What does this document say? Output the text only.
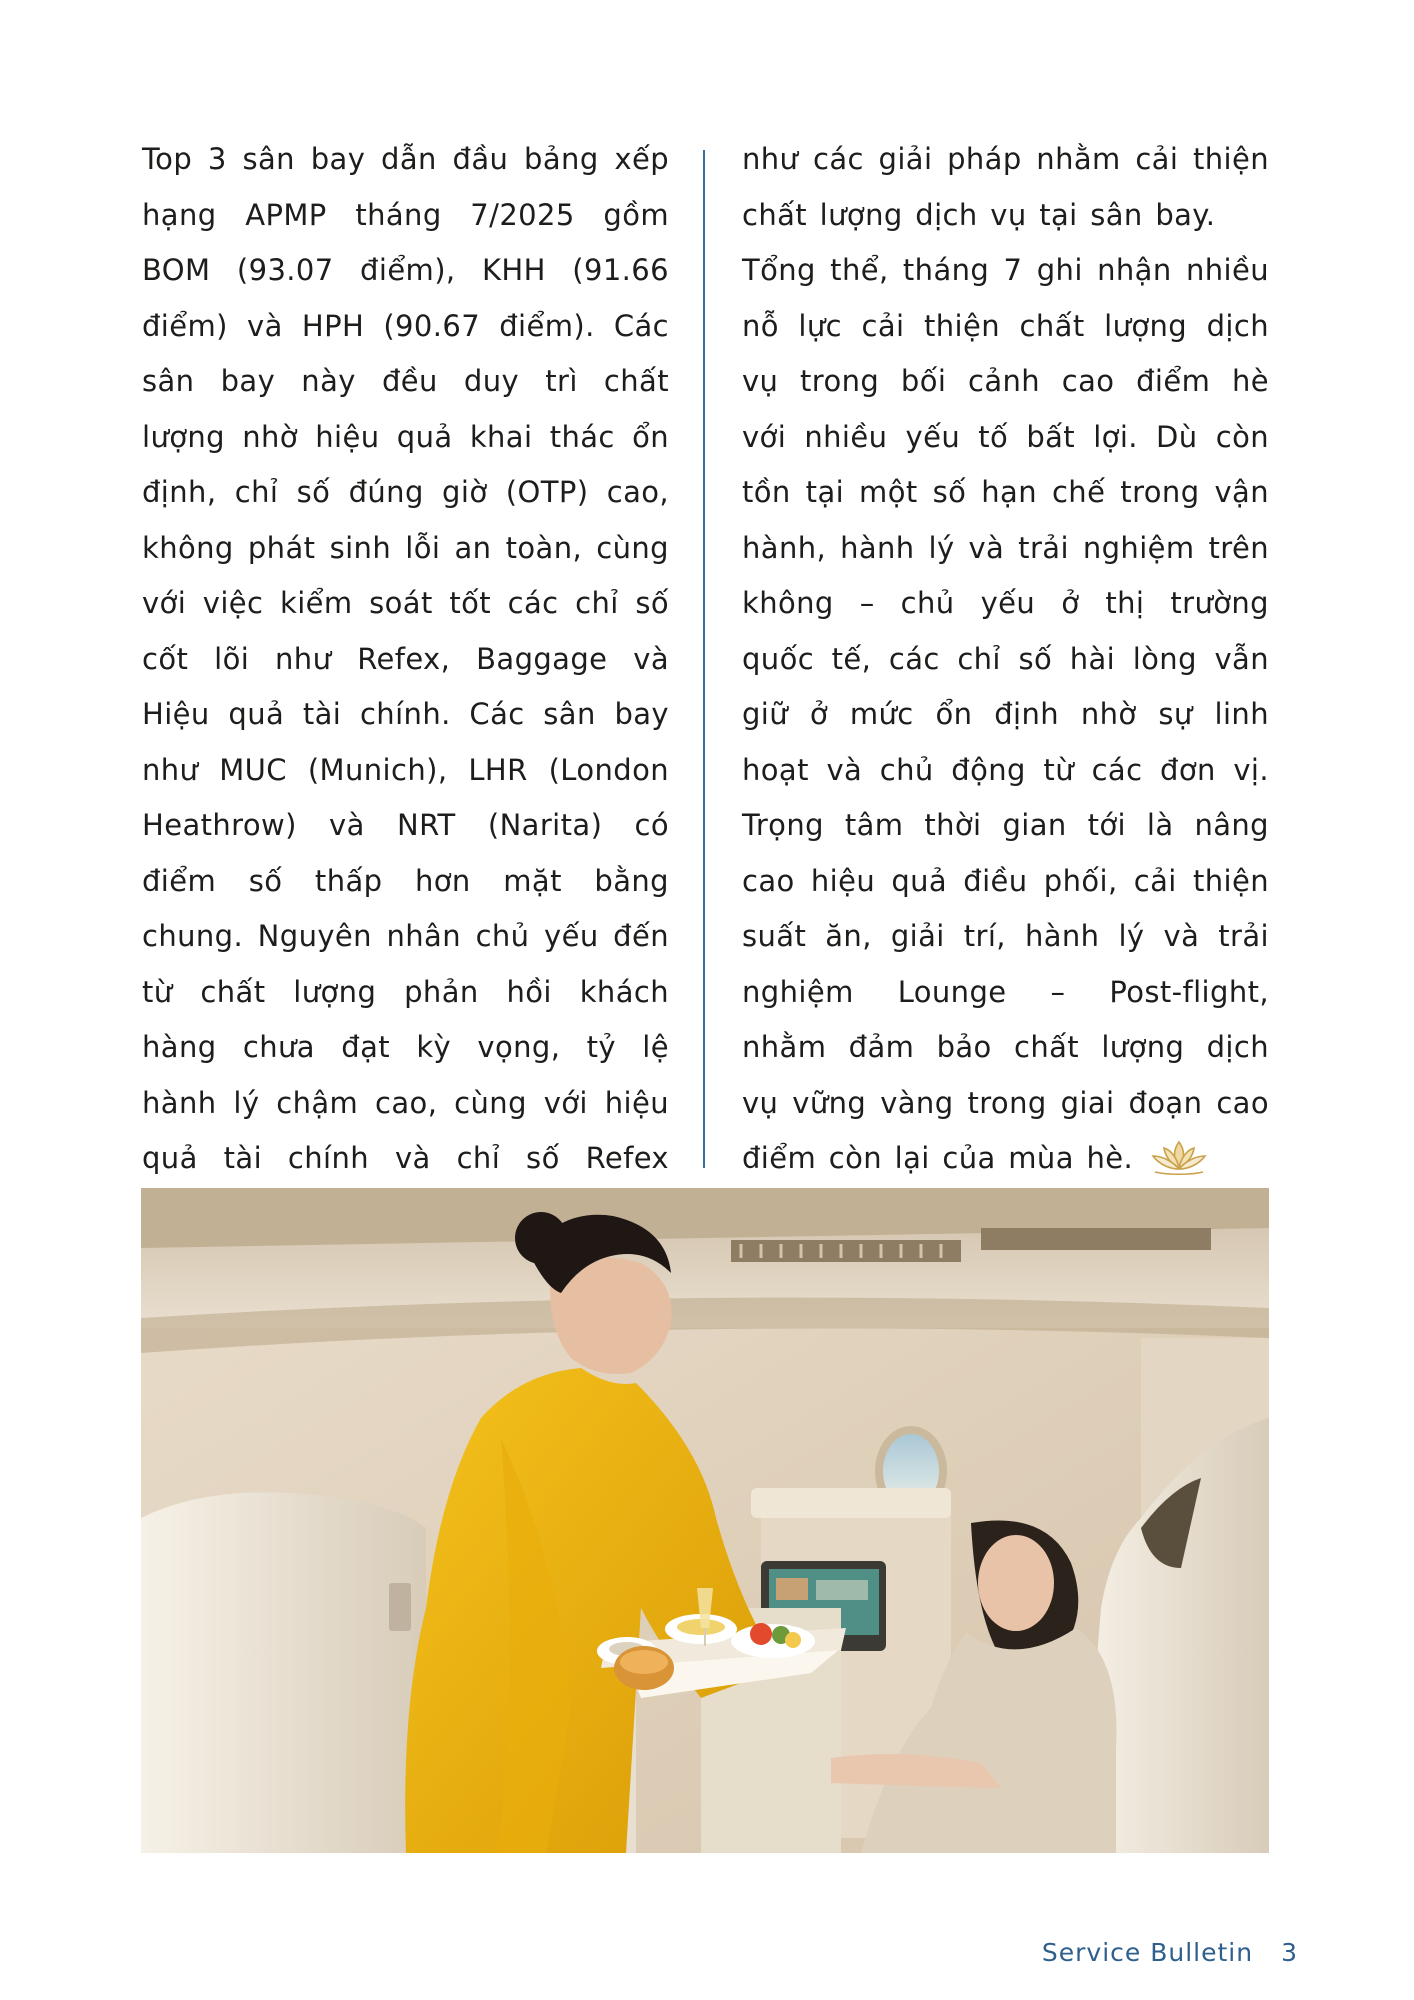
Top 3 sân bay dẫn đầu bảng xếp hạng APMP tháng 7/2025 gồm BOM (93.07 điểm), KHH (91.66 điểm) và HPH (90.67 điểm). Các sân bay này đều duy trì chất lượng nhờ hiệu quả khai thác ổn định, chỉ số đúng giờ (OTP) cao, không phát sinh lỗi an toàn, cùng với việc kiểm soát tốt các chỉ số cốt lõi như Refex, Baggage và Hiệu quả tài chính. Các sân bay như MUC (Munich), LHR (London Heathrow) và NRT (Narita) có điểm số thấp hơn mặt bằng chung. Nguyên nhân chủ yếu đến từ chất lượng phản hồi khách hàng chưa đạt kỳ vọng, tỷ lệ hành lý chậm cao, cùng với hiệu quả tài chính và chỉ số Refex

như các giải pháp nhằm cải thiện chất lượng dịch vụ tại sân bay.

Tổng thể, tháng 7 ghi nhận nhiều nỗ lực cải thiện chất lượng dịch vụ trong bối cảnh cao điểm hè với nhiều yếu tố bất lợi. Dù còn tồn tại một số hạn chế trong vận hành, hành lý và trải nghiệm trên không – chủ yếu ở thị trường quốc tế, các chỉ số hài lòng vẫn giữ ở mức ổn định nhờ sự linh hoạt và chủ động từ các đơn vị. Trọng tâm thời gian tới là nâng cao hiệu quả điều phối, cải thiện suất ăn, giải trí, hành lý và trải nghiệm Lounge – Post-flight, nhằm đảm bảo chất lượng dịch vụ vững vàng trong giai đoạn cao điểm còn lại của mùa hè.

Service Bulletin 3
